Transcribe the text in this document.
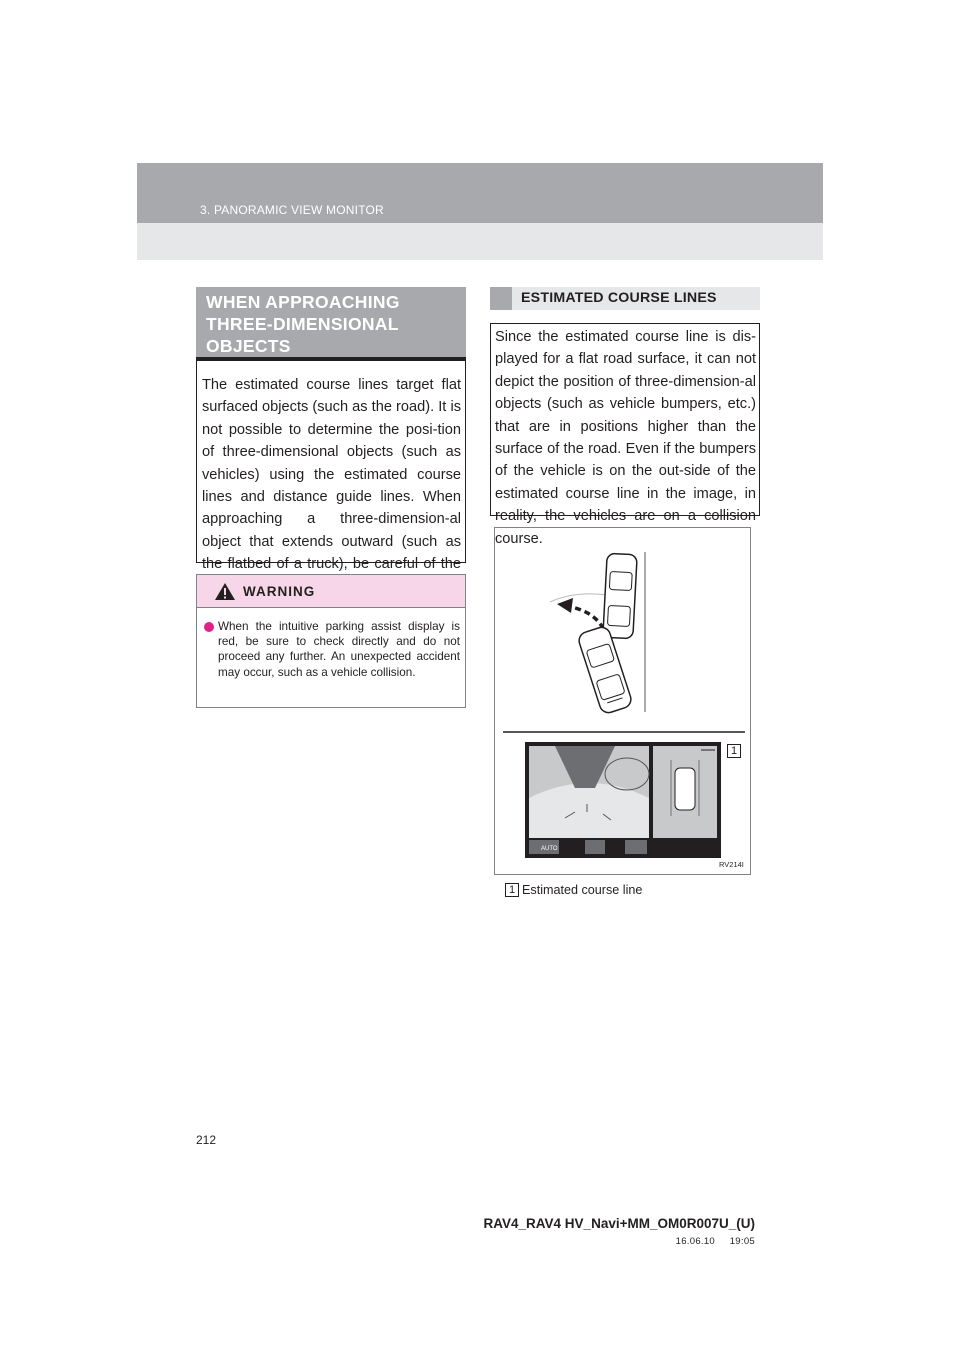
3. PANORAMIC VIEW MONITOR
WHEN APPROACHING THREE-DIMENSIONAL OBJECTS
The estimated course lines target flat surfaced objects (such as the road). It is not possible to determine the posi-tion of three-dimensional objects (such as vehicles) using the estimated course lines and distance guide lines. When approaching a three-dimension-al object that extends outward (such as the flatbed of a truck), be careful of the
WARNING
When the intuitive parking assist display is red, be sure to check directly and do not proceed any further. An unexpected accident may occur, such as a vehicle collision.
ESTIMATED COURSE LINES
Since the estimated course line is dis-played for a flat road surface, it can not depict the position of three-dimension-al objects (such as vehicle bumpers, etc.) that are in positions higher than the surface of the road. Even if the bumpers of the vehicle is on the out-side of the estimated course line in the image, in reality, the vehicles are on a collision course.
AUTO
1
RV214I
1 Estimated course line
212
RAV4_RAV4 HV_Navi+MM_OM0R007U_(U)
16.06.10     19:05
